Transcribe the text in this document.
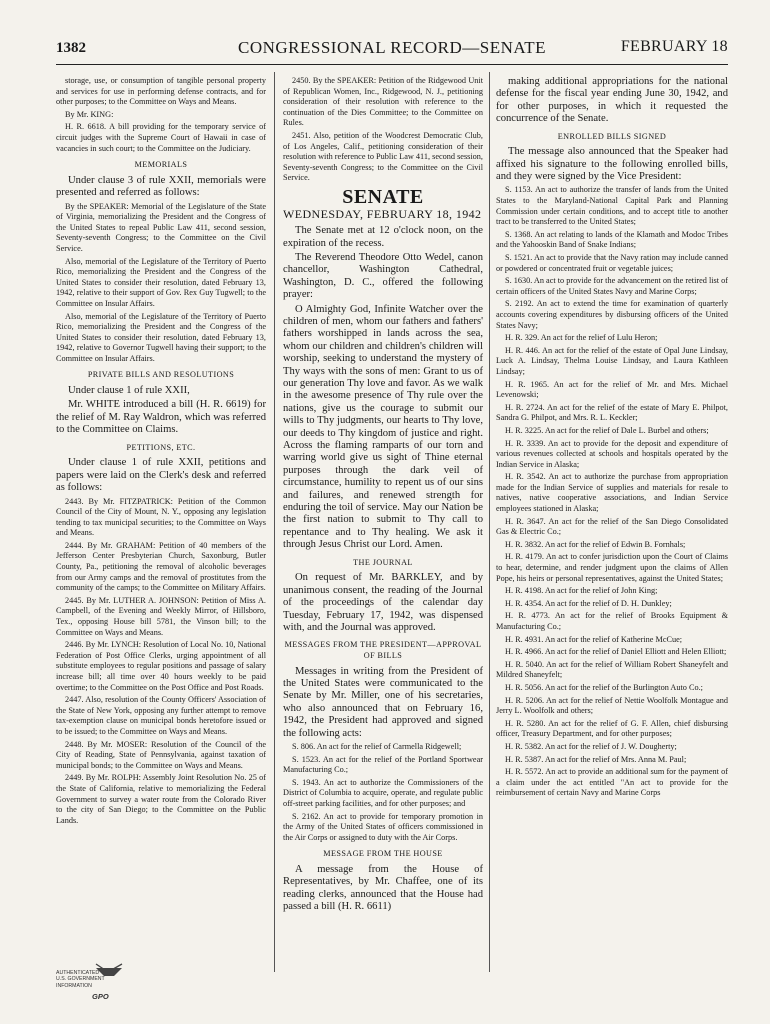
1382	CONGRESSIONAL RECORD—SENATE	FEBRUARY 18

storage, use, or consumption of tangible personal property and services for use in performing defense contracts, and for other purposes; to the Committee on Ways and Means.

By Mr. KING:

H. R. 6618. A bill providing for the temporary service of circuit judges with the Supreme Court of Hawaii in case of vacancies in such court; to the Committee on the Judiciary.

MEMORIALS

Under clause 3 of rule XXII, memorials were presented and referred as follows:

By the SPEAKER: Memorial of the Legislature of the State of Virginia, memorializing the President and the Congress of the United States to repeal Public Law 411, second session, Seventy-seventh Congress; to the Committee on the Civil Service.

Also, memorial of the Legislature of the Territory of Puerto Rico, memorializing the President and the Congress of the United States to consider their resolution, dated February 13, 1942, relative to their support of Gov. Rex Guy Tugwell; to the Committee on Insular Affairs.

Also, memorial of the Legislature of the Territory of Puerto Rico, memorializing the President and the Congress of the United States to consider their resolution, dated February 13, 1942, relative to Governor Tugwell having their support; to the Committee on Insular Affairs.

PRIVATE BILLS AND RESOLUTIONS

Under clause 1 of rule XXII,

Mr. WHITE introduced a bill (H. R. 6619) for the relief of M. Ray Waldron, which was referred to the Committee on Claims.

PETITIONS, ETC.

Under clause 1 of rule XXII, petitions and papers were laid on the Clerk's desk and referred as follows:

2443. By Mr. FITZPATRICK: Petition of the Common Council of the City of Mount, N. Y., opposing any legislation tending to tax municipal securities; to the Committee on Ways and Means.

2444. By Mr. GRAHAM: Petition of 40 members of the Jefferson Center Presbyterian Church, Saxonburg, Butler County, Pa., petitioning the removal of alcoholic beverages from our Army camps and the removal of prostitutes from the community of the camps; to the Committee on Military Affairs.

2445. By Mr. LUTHER A. JOHNSON: Petition of Miss A. Campbell, of the Evening and Weekly Mirror, of Hillsboro, Tex., opposing House bill 5781, the Vinson bill; to the Committee on Ways and Means.

2446. By Mr. LYNCH: Resolution of Local No. 10, National Federation of Post Office Clerks, urging appointment of all substitute employees to regular positions and passage of salary increase bill; all time over 40 hours weekly to be paid overtime; to the Committee on the Post Office and Post Roads.

2447. Also, resolution of the County Officers' Association of the State of New York, opposing any further attempt to remove tax-exemption clause on municipal bonds heretofore issued or to be issued; to the Committee on Ways and Means.

2448. By Mr. MOSER: Resolution of the Council of the City of Reading, State of Pennsylvania, against taxation of municipal bonds; to the Committee on Ways and Means.

2449. By Mr. ROLPH: Assembly Joint Resolution No. 25 of the State of California, relative to memorializing the Federal Government to survey a water route from the Colorado River to the city of San Diego; to the Committee on the Public Lands.

2450. By the SPEAKER: Petition of the Ridgewood Unit of Republican Women, Inc., Ridgewood, N. J., petitioning consideration of their resolution with reference to the continuation of the Dies Committee; to the Committee on Rules.

2451. Also, petition of the Woodcrest Democratic Club, of Los Angeles, Calif., petitioning consideration of their resolution with reference to Public Law 411, second session, Seventy-seventh Congress; to the Committee on the Civil Service.

SENATE
WEDNESDAY, FEBRUARY 18, 1942

The Senate met at 12 o'clock noon, on the expiration of the recess.

The Reverend Theodore Otto Wedel, canon chancellor, Washington Cathedral, Washington, D. C., offered the following prayer:

O Almighty God, Infinite Watcher over the children of men, whom our fathers and fathers' fathers worshipped in lands across the sea, whom our children and children's children will worship, seeking to understand the mystery of Thy ways with the sons of men: Grant to us of our generation Thy love and favor. As we walk in the awesome presence of Thy rule over the nations, give us the courage to submit our wills to Thy judgments, our hearts to Thy love, our deeds to Thy kingdom of justice and right. Across the flaming ramparts of our torn and warring world give us sight of Thine eternal purposes through the dark veil of circumstance, humility to repent us of our sins and failures, and renewed strength for enduring the toil of service. May our Nation be the first nation to submit to Thy call to repentance and to Thy healing. We ask it through Jesus Christ our Lord. Amen.

THE JOURNAL

On request of Mr. BARKLEY, and by unanimous consent, the reading of the Journal of the proceedings of the calendar day Tuesday, February 17, 1942, was dispensed with, and the Journal was approved.

MESSAGES FROM THE PRESIDENT—APPROVAL OF BILLS

Messages in writing from the President of the United States were communicated to the Senate by Mr. Miller, one of his secretaries, who also announced that on February 16, 1942, the President had approved and signed the following acts:

S. 806. An act for the relief of Carmella Ridgewell;

S. 1523. An act for the relief of the Portland Sportwear Manufacturing Co.;

S. 1943. An act to authorize the Commissioners of the District of Columbia to acquire, operate, and regulate public off-street parking facilities, and for other purposes; and

S. 2162. An act to provide for temporary promotion in the Army of the United States of officers commissioned in the Air Corps or assigned to duty with the Air Corps.

MESSAGE FROM THE HOUSE

A message from the House of Representatives, by Mr. Chaffee, one of its reading clerks, announced that the House had passed a bill (H. R. 6611)

making additional appropriations for the national defense for the fiscal year ending June 30, 1942, and for other purposes, in which it requested the concurrence of the Senate.

ENROLLED BILLS SIGNED

The message also announced that the Speaker had affixed his signature to the following enrolled bills, and they were signed by the Vice President:

S. 1153. An act to authorize the transfer of lands from the United States to the Maryland-National Capital Park and Planning Commission under certain conditions, and to accept title to another tract to be transferred to the United States;

S. 1368. An act relating to lands of the Klamath and Modoc Tribes and the Yahooskin Band of Snake Indians;

S. 1521. An act to provide that the Navy ration may include canned or powdered or concentrated fruit or vegetable juices;

S. 1630. An act to provide for the advancement on the retired list of certain officers of the United States Navy and Marine Corps;

S. 2192. An act to extend the time for examination of quarterly accounts covering expenditures by disbursing officers of the United States Navy;

H. R. 329. An act for the relief of Lulu Heron;

H. R. 446. An act for the relief of the estate of Opal June Lindsay, Luck A. Lindsay, Thelma Louise Lindsay, and Laura Kathleen Lindsay;

H. R. 1965. An act for the relief of Mr. and Mrs. Michael Levenowski;

H. R. 2724. An act for the relief of the estate of Mary E. Philpot, Sandra G. Philpot, and Mrs. R. L. Keckler;

H. R. 3225. An act for the relief of Dale L. Burbel and others;

H. R. 3339. An act to provide for the deposit and expenditure of various revenues collected at schools and hospitals operated by the Indian Service in Alaska;

H. R. 3542. An act to authorize the purchase from appropriation made for the Indian Service of supplies and materials for resale to natives, native cooperative associations, and Indian Service employees stationed in Alaska;

H. R. 3647. An act for the relief of the San Diego Consolidated Gas & Electric Co.;

H. R. 3832. An act for the relief of Edwin B. Fornhals;

H. R. 4179. An act to confer jurisdiction upon the Court of Claims to hear, determine, and render judgment upon the claims of Allen Pope, his heirs or personal representatives, against the United States;

H. R. 4198. An act for the relief of John King;

H. R. 4354. An act for the relief of D. H. Dunkley;

H. R. 4773. An act for the relief of Brooks Equipment & Manufacturing Co.;

H. R. 4931. An act for the relief of Katherine McCue;

H. R. 4966. An act for the relief of Daniel Elliott and Helen Elliott;

H. R. 5040. An act for the relief of William Robert Shaneyfelt and Mildred Shaneyfelt;

H. R. 5056. An act for the relief of the Burlington Auto Co.;

H. R. 5206. An act for the relief of Nettie Woolfolk Montague and Jerry L. Woolfolk and others;

H. R. 5280. An act for the relief of G. F. Allen, chief disbursing officer, Treasury Department, and for other purposes;

H. R. 5382. An act for the relief of J. W. Dougherty;

H. R. 5387. An act for the relief of Mrs. Anna M. Paul;

H. R. 5572. An act to provide an additional sum for the payment of a claim under the act entitled "An act to provide for the reimbursement of certain Navy and Marine Corps

AUTHENTICATED
U.S. GOVERNMENT
INFORMATION
GPO
